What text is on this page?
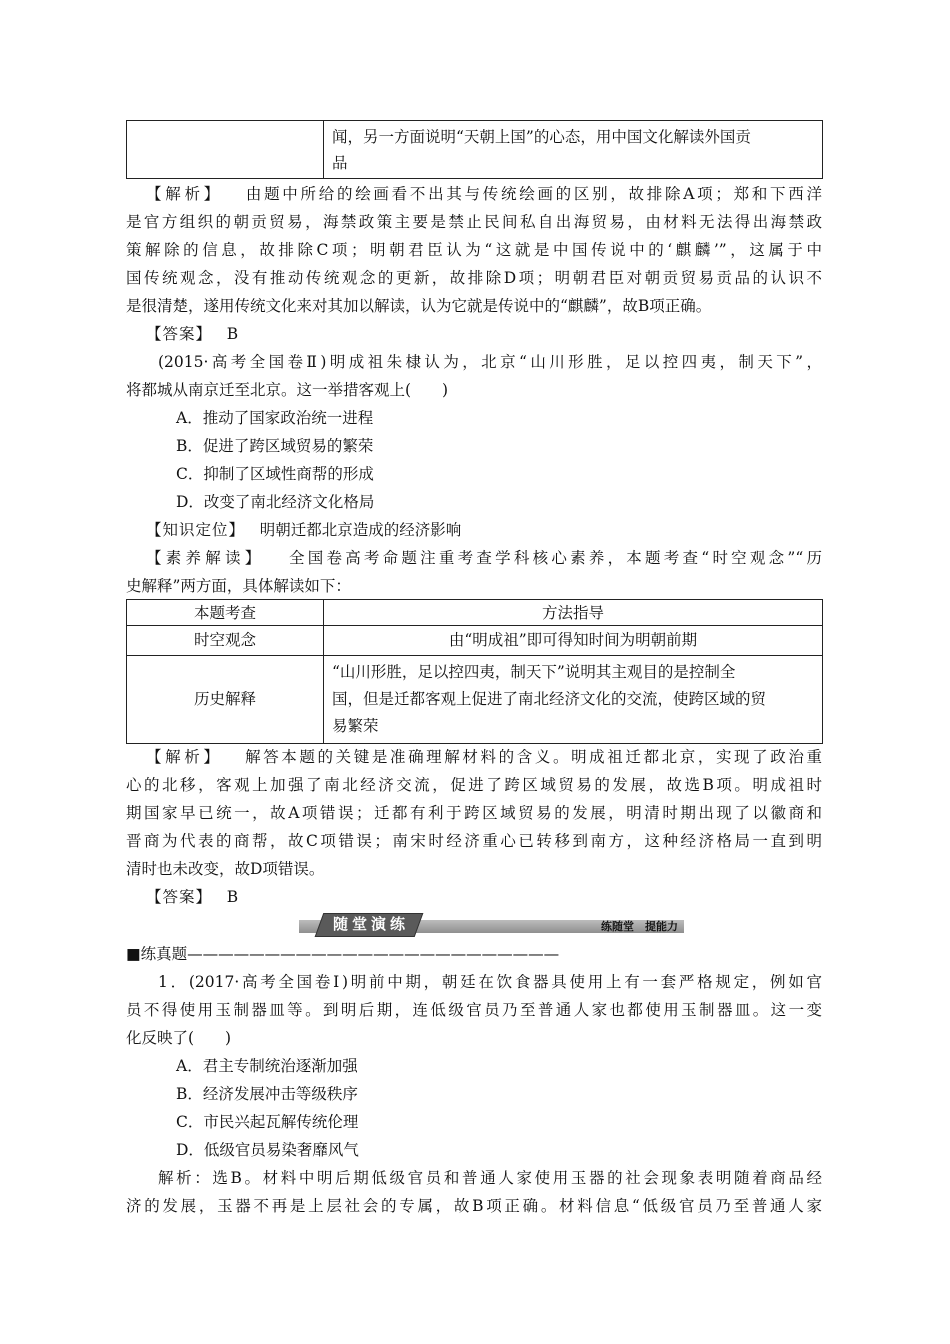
闻，另一方面说明“天朝上国”的心态，用中国文化解读外国贡
品
【解析】 由题中所给的绘画看不出其与传统绘画的区别，故排除A项；郑和下西洋
是官方组织的朝贡贸易，海禁政策主要是禁止民间私自出海贸易，由材料无法得出海禁政
策解除的信息，故排除C项；明朝君臣认为“这就是中国传说中的‘麒麟’”，这属于中
国传统观念，没有推动传统观念的更新，故排除D项；明朝君臣对朝贡贸易贡品的认识不
是很清楚，遂用传统文化来对其加以解读，认为它就是传说中的“麒麟”，故B项正确。
【答案】 B
(2015·高考全国卷Ⅱ)明成祖朱棣认为，北京“山川形胜，足以控四夷，制天下”，
将都城从南京迁至北京。这一举措客观上(　　)
A．推动了国家政治统一进程
B．促进了跨区域贸易的繁荣
C．抑制了区域性商帮的形成
D．改变了南北经济文化格局
【知识定位】 明朝迁都北京造成的经济影响
【素养解读】 全国卷高考命题注重考查学科核心素养，本题考查“时空观念”“历
史解释”两方面，具体解读如下：
本题考查	方法指导
时空观念	由“明成祖”即可得知时间为明朝前期
历史解释	“山川形胜，足以控四夷，制天下”说明其主观目的是控制全
国，但是迁都客观上促进了南北经济文化的交流，使跨区域的贸
易繁荣
【解析】 解答本题的关键是准确理解材料的含义。明成祖迁都北京，实现了政治重
心的北移，客观上加强了南北经济交流，促进了跨区域贸易的发展，故选B项。明成祖时
期国家早已统一，故A项错误；迁都有利于跨区域贸易的发展，明清时期出现了以徽商和
晋商为代表的商帮，故C项错误；南宋时经济重心已转移到南方，这种经济格局一直到明
清时也未改变，故D项错误。
【答案】 B
随堂演练	练随堂　提能力
■练真题————————————————————————
1．(2017·高考全国卷Ⅰ)明前中期，朝廷在饮食器具使用上有一套严格规定，例如官
员不得使用玉制器皿等。到明后期，连低级官员乃至普通人家也都使用玉制器皿。这一变
化反映了(　　)
A．君主专制统治逐渐加强
B．经济发展冲击等级秩序
C．市民兴起瓦解传统伦理
D．低级官员易染奢靡风气
解析：选B。材料中明后期低级官员和普通人家使用玉器的社会现象表明随着商品经
济的发展，玉器不再是上层社会的专属，故B项正确。材料信息“低级官员乃至普通人家
